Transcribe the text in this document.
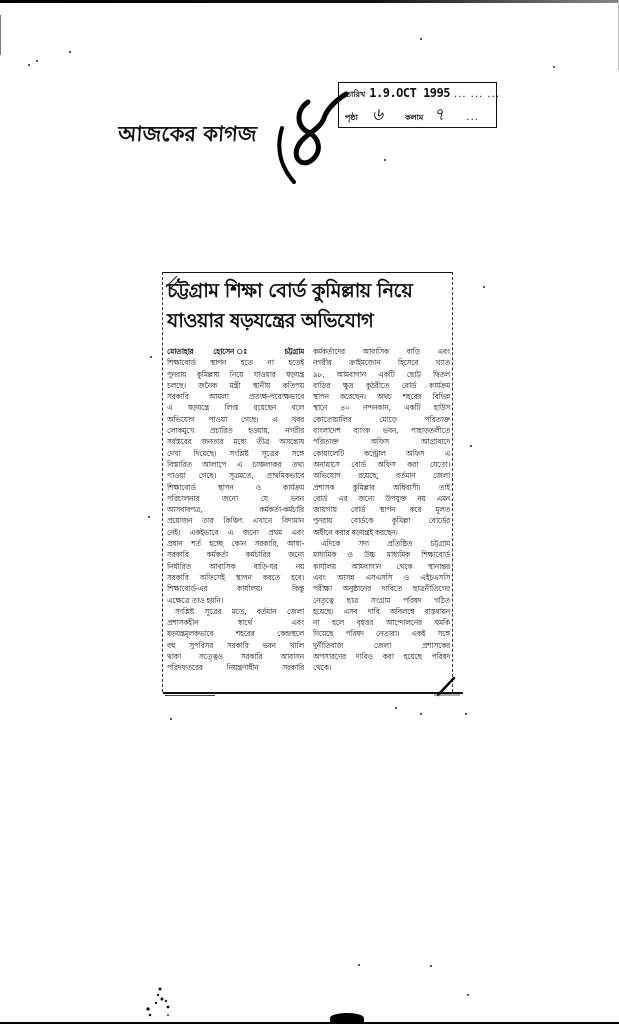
আজকের কাগজ
তারিখ 1.9.OCT 1995 ... ... ...
পৃষ্ঠা ৬	কলাম ৭ ...
চট্টগ্রাম শিক্ষা বোর্ড কুমিল্লায় নিয়ে
যাওয়ার ষড়যন্ত্রের অভিযোগ
মোতাহার হোসেন ঃ চট্টগ্রাম
শিক্ষাবোর্ড স্থাপন হতে না হতেই
পুনরায় কুমিল্লায় নিয়ে যাওয়ার ষড়যন্ত্র
চলছে। জনৈক মন্ত্রী স্থানীয় কতিপয়
সরকারি আমলা প্রত্যক্ষ-পরোক্ষভাবে
এ ষড়যন্ত্রে লিপ্ত রয়েছেন বলে
অভিযোগ পাওয়া গেছে। এ খবর
লোকমুখে প্রচারিত হওয়ায়, নগরীর
সর্বস্তরের জনতার মধ্যে তীব্র অসন্তোষ
দেখা দিয়েছে। সংশ্লিষ্ট সূত্রের সঙ্গে
বিস্তারিত আলাপে এ চাঞ্চল্যকর তথ্য
পাওয়া গেছে। সূত্রমতে, প্রাথমিকভাবে
শিক্ষাবোর্ড স্থাপন ও কার্যক্রম
পরিচালনার জন্যে যে ভবন
আসবাবপত্র, কর্মকর্তা-কর্মচারি
প্রয়োজন তার কিঞ্চিৎ এখানে বিদ্যমান
নেই। একইভাবে এ জন্যে প্রথম এবং
প্রধান শর্ত হচ্ছে কোন সরকারি, আধা-
সরকারি কর্মকর্তা কর্মচারির জন্যে
নির্ধারিত আবাসিক বাড়ি-ঘর নয়
সরকারি অফিসেই স্থাপন করতে হবে।
শিক্ষাবোর্ড-এর কার্যালয়। কিন্তু
এক্ষেত্রে তাও হয়নি।
সংশ্লিষ্ট সূত্রের মতে, বর্তমান জেলা
প্রশাসকহীন স্বার্থে এবং
ষড়যন্ত্রমূলকভাবে শহরের কেন্দ্রস্থলে
বহু সুপরিসর সরকারি ভবন খালি
থাকা সত্ত্বেও সরকারি আবাসন
পরিদফতরের নিয়ন্ত্রণাধীন সরকারি
কর্মকর্তাদের আবাসিক বাড়ি এবং
নগরীর ক্রাইমজোন হিসেবে খ্যাত
৯৮, আমবাগান একটি ছোট্ট দ্বিতল
বাড়ির ক্ষুদ্র কুঠরীতে বোর্ড কার্যক্রম
স্থাপন করেছেন। অথচ শহরের বিভিন্ন
স্থানে ৪০ নন্দনকান, একটি হাউস
কোতোয়ালির মোড়ে পরিত্যক্ত
বাংলাদেশ ব্যাংক ভবন, পাহাড়তলীতে
পরিত্যক্ত অফিস আগ্রাবাদে
কোয়ালেটি কন্ট্রোল অফিস এ
অনায়াসে বোর্ড অফিস করা যেতো।
অভিযোগ রয়েছে, বর্তমান জেলা
প্রশাসক কুমিল্লার অধিবাসী। তাই
বোর্ড এর জন্যে উপযুক্ত নয় এমন
জায়গায় বোর্ড স্থাপন করে মূলত
পুনরায় বোর্ডকে কুমিল্লা বোর্ডের
অধীনে করার ষড়যন্ত্রই করছেন।
এদিকে সদ্য প্রতিষ্ঠিত চট্টগ্রাম
মাধ্যমিক ও উচ্চ মাধ্যমিক শিক্ষাবোর্ড
কার্যালয় আমবাগান থেকে স্থানান্তর
এবং আসন্ন এসএসসি ও এইচএসসি
পরীক্ষা অনুষ্ঠানের দাবিতে ছাত্রনীতিগের
নেতৃত্বে ছাত্র সংগ্রাম পরিষদ গঠিত
হয়েছে। এসব দাবি অবিলম্বে বাস্তবায়ন
না হলে বৃহত্তর আন্দোলনের হুমকি
দিয়েছে পরিষদ নেতারা। একই সঙ্গে
দুর্নীতিবাজ জেলা প্রশাসকের
অপসারণের দাবিও করা হয়েছে পরিষদ
থেকে।
